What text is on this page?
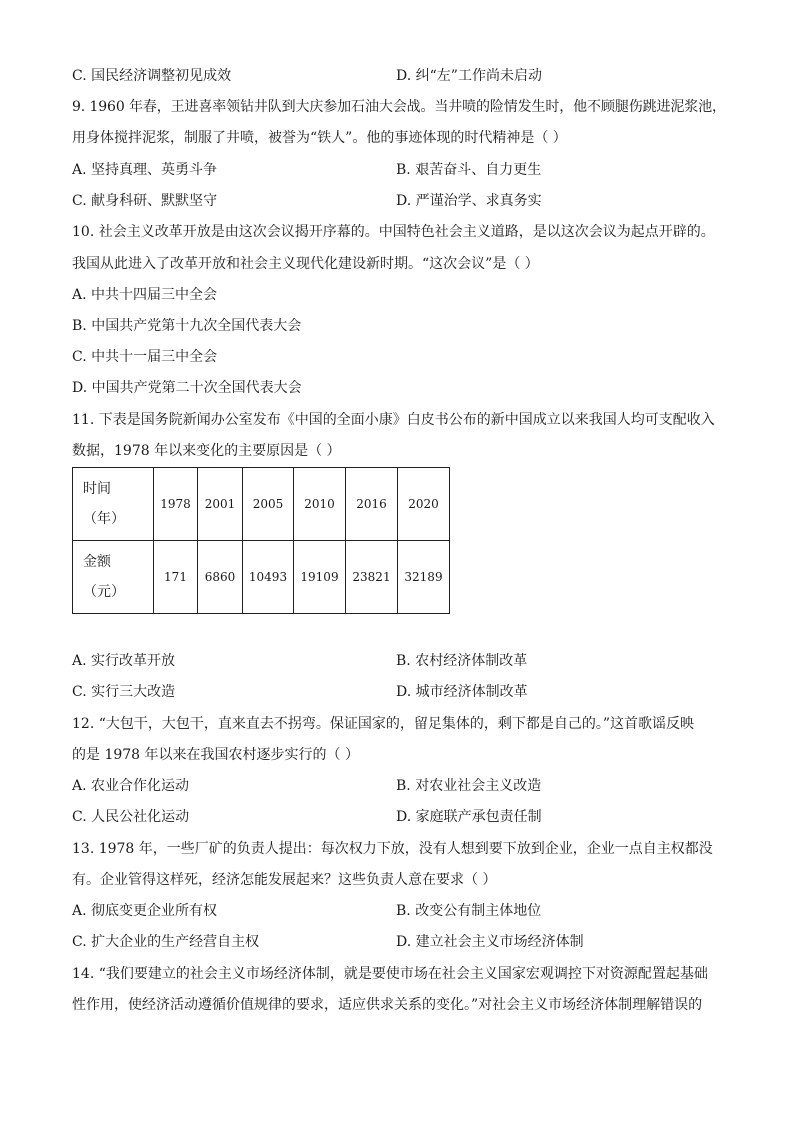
C. 国民经济调整初见成效	D. 纠“左”工作尚未启动
9. 1960 年春，王进喜率领钻井队到大庆参加石油大会战。当井喷的险情发生时，他不顾腿伤跳进泥浆池，
用身体搅拌泥浆，制服了井喷，被誉为“铁人”。他的事迹体现的时代精神是（ ）
A. 坚持真理、英勇斗争	B. 艰苦奋斗、自力更生
C. 献身科研、默默坚守	D. 严谨治学、求真务实
10. 社会主义改革开放是由这次会议揭开序幕的。中国特色社会主义道路，是以这次会议为起点开辟的。
我国从此进入了改革开放和社会主义现代化建设新时期。“这次会议”是（ ）
A. 中共十四届三中全会
B. 中国共产党第十九次全国代表大会
C. 中共十一届三中全会
D. 中国共产党第二十次全国代表大会
11. 下表是国务院新闻办公室发布《中国的全面小康》白皮书公布的新中国成立以来我国人均可支配收入
数据，1978 年以来变化的主要原因是（ ）
时间
（年）	1978	2001	2005	2010	2016	2020

金额
（元）	171	6860	10493	19109	23821	32189
A. 实行改革开放	B. 农村经济体制改革
C. 实行三大改造	D. 城市经济体制改革
12. “大包干，大包干，直来直去不拐弯。保证国家的，留足集体的，剩下都是自己的。”这首歌谣反映
的是 1978 年以来在我国农村逐步实行的（ ）
A. 农业合作化运动	B. 对农业社会主义改造
C. 人民公社化运动	D. 家庭联产承包责任制
13. 1978 年，一些厂矿的负责人提出：每次权力下放，没有人想到要下放到企业，企业一点自主权都没
有。企业管得这样死，经济怎能发展起来？这些负责人意在要求（ ）
A. 彻底变更企业所有权	B. 改变公有制主体地位
C. 扩大企业的生产经营自主权	D. 建立社会主义市场经济体制
14. “我们要建立的社会主义市场经济体制，就是要使市场在社会主义国家宏观调控下对资源配置起基础
性作用，使经济活动遵循价值规律的要求，适应供求关系的变化。”对社会主义市场经济体制理解错误的
